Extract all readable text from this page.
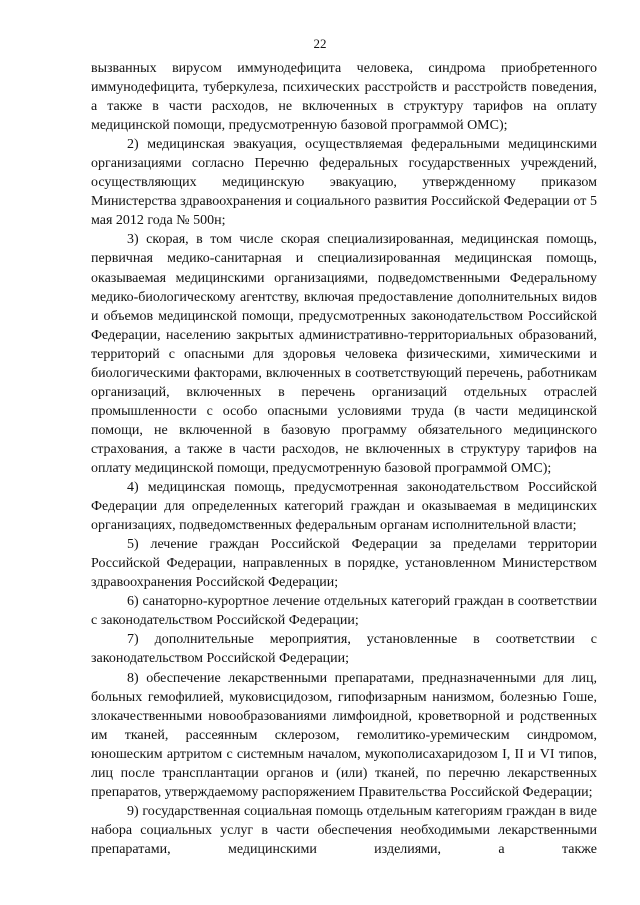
22

вызванных вирусом иммунодефицита человека, синдрома приобретенного иммунодефицита, туберкулеза, психических расстройств и расстройств поведения, а также в части расходов, не включенных в структуру тарифов на оплату медицинской помощи, предусмотренную базовой программой ОМС);

2) медицинская эвакуация, осуществляемая федеральными медицинскими организациями согласно Перечню федеральных государственных учреждений, осуществляющих медицинскую эвакуацию, утвержденному приказом Министерства здравоохранения и социального развития Российской Федерации от 5 мая 2012 года № 500н;

3) скорая, в том числе скорая специализированная, медицинская помощь, первичная медико-санитарная и специализированная медицинская помощь, оказываемая медицинскими организациями, подведомственными Федеральному медико-биологическому агентству, включая предоставление дополнительных видов и объемов медицинской помощи, предусмотренных законодательством Российской Федерации, населению закрытых административно-территориальных образований, территорий с опасными для здоровья человека физическими, химическими и биологическими факторами, включенных в соответствующий перечень, работникам организаций, включенных в перечень организаций отдельных отраслей промышленности с особо опасными условиями труда (в части медицинской помощи, не включенной в базовую программу обязательного медицинского страхования, а также в части расходов, не включенных в структуру тарифов на оплату медицинской помощи, предусмотренную базовой программой ОМС);

4) медицинская помощь, предусмотренная законодательством Российской Федерации для определенных категорий граждан и оказываемая в медицинских организациях, подведомственных федеральным органам исполнительной власти;

5) лечение граждан Российской Федерации за пределами территории Российской Федерации, направленных в порядке, установленном Министерством здравоохранения Российской Федерации;

6) санаторно-курортное лечение отдельных категорий граждан в соответствии с законодательством Российской Федерации;

7) дополнительные мероприятия, установленные в соответствии с законодательством Российской Федерации;

8) обеспечение лекарственными препаратами, предназначенными для лиц, больных гемофилией, муковисцидозом, гипофизарным нанизмом, болезнью Гоше, злокачественными новообразованиями лимфоидной, кроветворной и родственных им тканей, рассеянным склерозом, гемолитико-уремическим синдромом, юношеским артритом с системным началом, мукополисахаридозом I, II и VI типов, лиц после трансплантации органов и (или) тканей, по перечню лекарственных препаратов, утверждаемому распоряжением Правительства Российской Федерации;

9) государственная социальная помощь отдельным категориям граждан в виде набора социальных услуг в части обеспечения необходимыми лекарственными препаратами, медицинскими изделиями, а также
